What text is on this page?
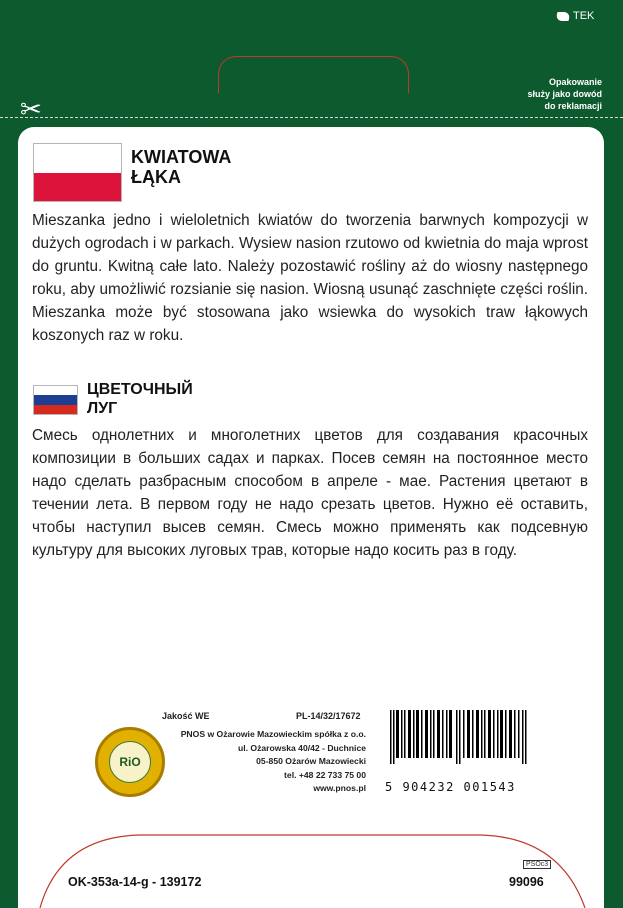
TEK
✂
Opakowanie
służy jako dowód
do reklamacji
KWIATOWA
ŁĄKA
Mieszanka jedno i wieloletnich kwiatów do tworzenia barwnych kompozycji w dużych ogrodach i w parkach. Wysiew nasion rzutowo od kwietnia do maja wprost do gruntu. Kwitną całe lato. Należy pozostawić rośliny aż do wiosny następnego roku, aby umożliwić rozsianie się nasion. Wiosną usunąć zaschnięte części roślin. Mieszanka może być stosowana jako wsiewka do wysokich traw łąkowych koszonych raz w roku.
ЦВЕТОЧНЫЙ
ЛУГ
Смесь однолетних и многолетних цветов для создавания красочных композиции в больших садах и парках. Посев семян на постоянное место надо сделать разбрасным способом в апреле - мае. Растения цветают в течении лета. В первом году не надо срезать цветов. Нужно её оставить, чтобы наступил высев семян. Смесь можно применять как подсевную культуру для высоких луговых трав, которые надо косить раз в году.
RiO
Jakość WE	PL-14/32/17672
PNOS w Ożarowie Mazowieckim spółka z o.o.
ul. Ożarowska 40/42 - Duchnice
05-850 Ożarów Mazowiecki
tel. +48 22 733 75 00
www.pnos.pl 5 904232 001543
PSOc3
OK-353a-14-g - 139172	99096
